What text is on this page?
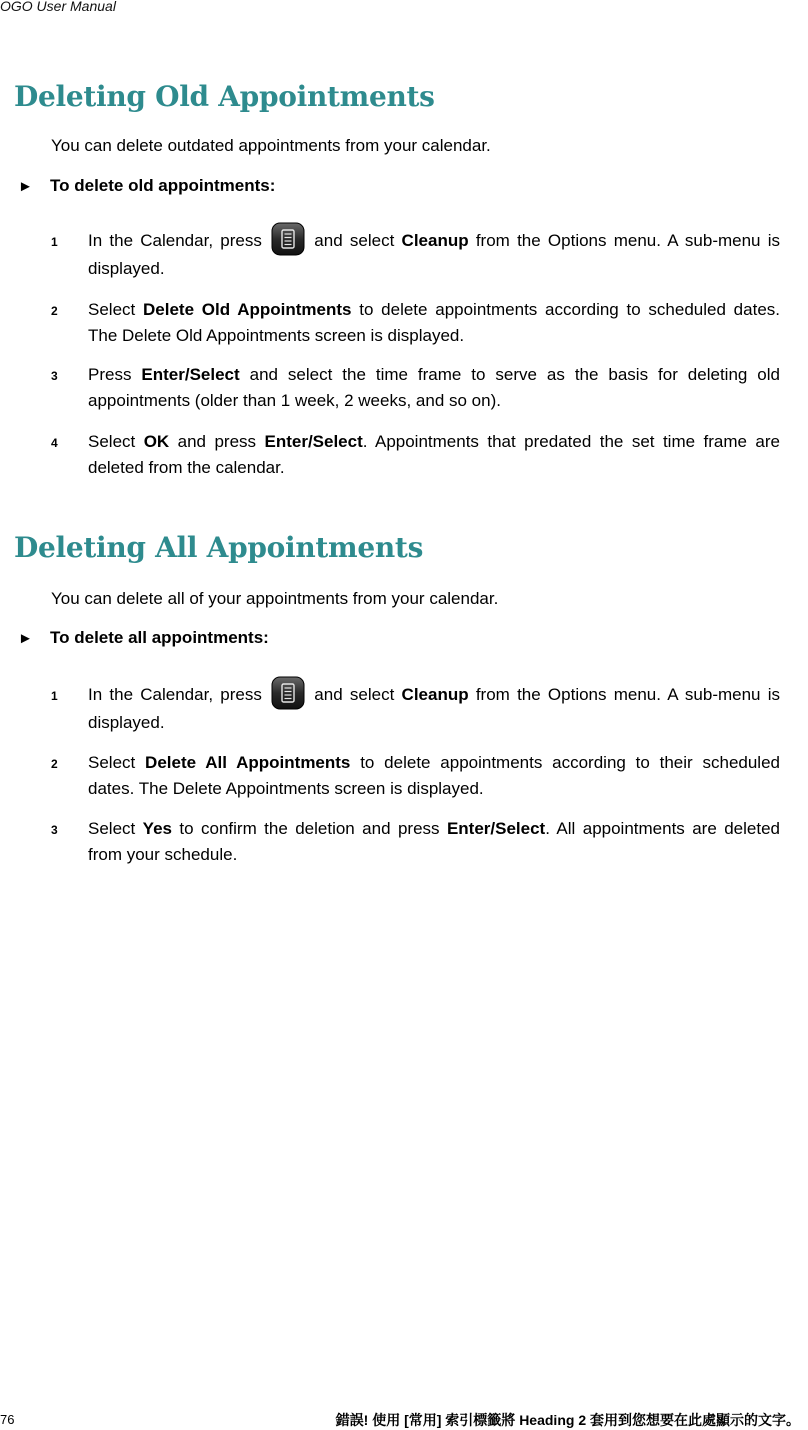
OGO User Manual
Deleting Old Appointments

You can delete outdated appointments from your calendar.

► To delete old appointments:

1 In the Calendar, press  and select Cleanup from the Options menu. A sub-menu is displayed.
2 Select Delete Old Appointments to delete appointments according to scheduled dates. The Delete Old Appointments screen is displayed.
3 Press Enter/Select and select the time frame to serve as the basis for deleting old appointments (older than 1 week, 2 weeks, and so on).
4 Select OK and press Enter/Select. Appointments that predated the set time frame are deleted from the calendar.
Deleting All Appointments

You can delete all of your appointments from your calendar.

► To delete all appointments:

1 In the Calendar, press  and select Cleanup from the Options menu. A sub-menu is displayed.
2 Select Delete All Appointments to delete appointments according to their scheduled dates. The Delete Appointments screen is displayed.
3 Select Yes to confirm the deletion and press Enter/Select. All appointments are deleted from your schedule.
76	錯誤! 使用 [常用] 索引標籤將 Heading 2 套用到您想要在此處顯示的文字。
